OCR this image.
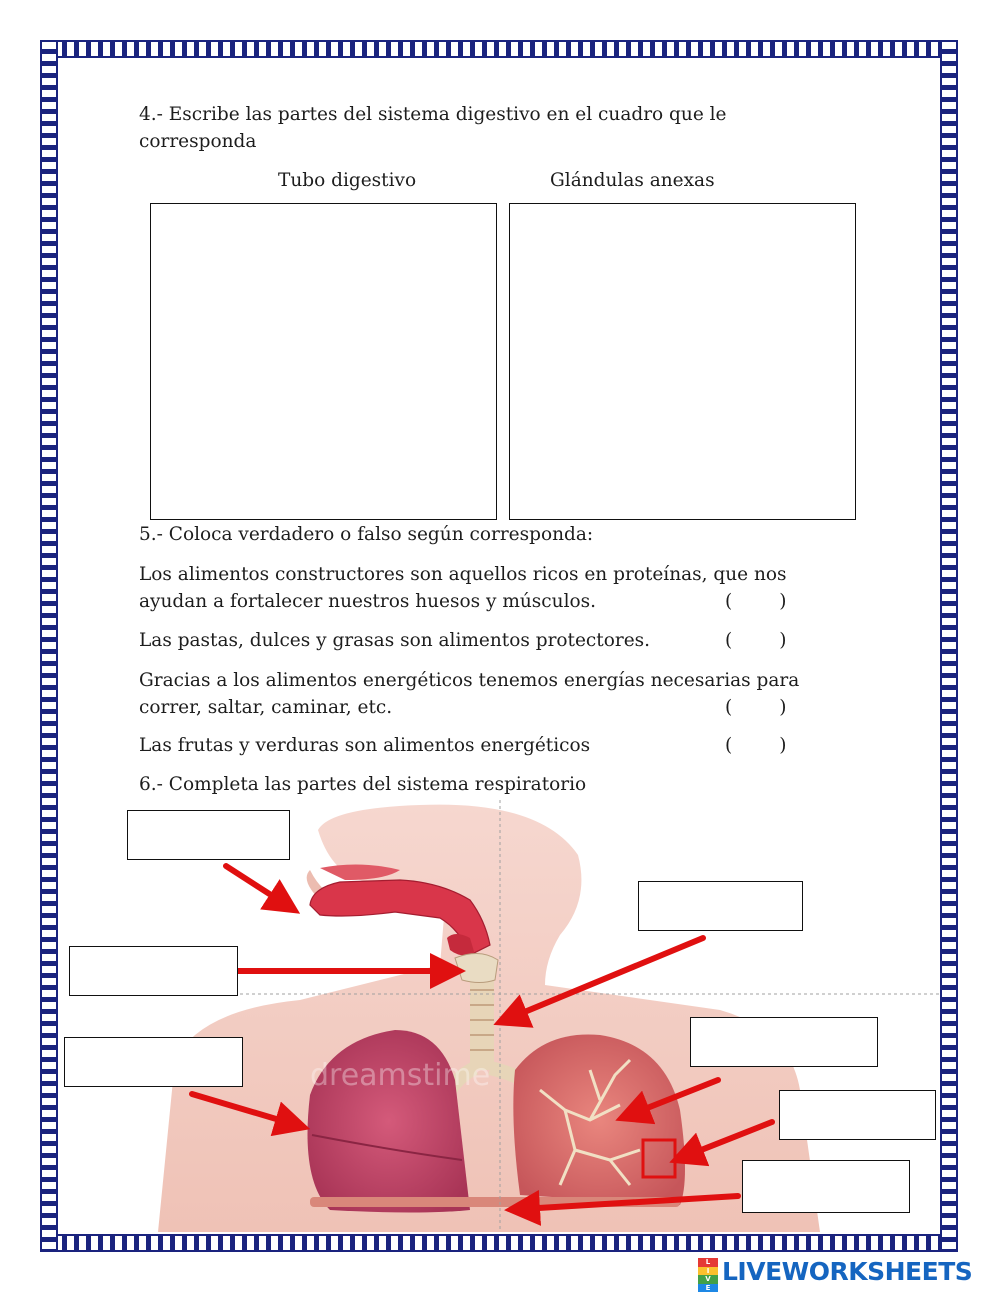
4.- Escribe las partes del sistema digestivo en el cuadro que le
corresponda
Tubo digestivo	Glándulas anexas
5.- Coloca verdadero o falso según corresponda:
Los alimentos constructores son aquellos ricos en proteínas, que nos
ayudan a fortalecer nuestros huesos y músculos.	(        )
Las pastas, dulces y grasas son alimentos protectores.	(        )
Gracias a los alimentos energéticos tenemos energías necesarias para
correr, saltar, caminar, etc.	(        )
Las frutas y verduras son alimentos energéticos	(        )
6.- Completa las partes del sistema respiratorio
dreamstime
L
I
V
E
LIVEWORKSHEETS
